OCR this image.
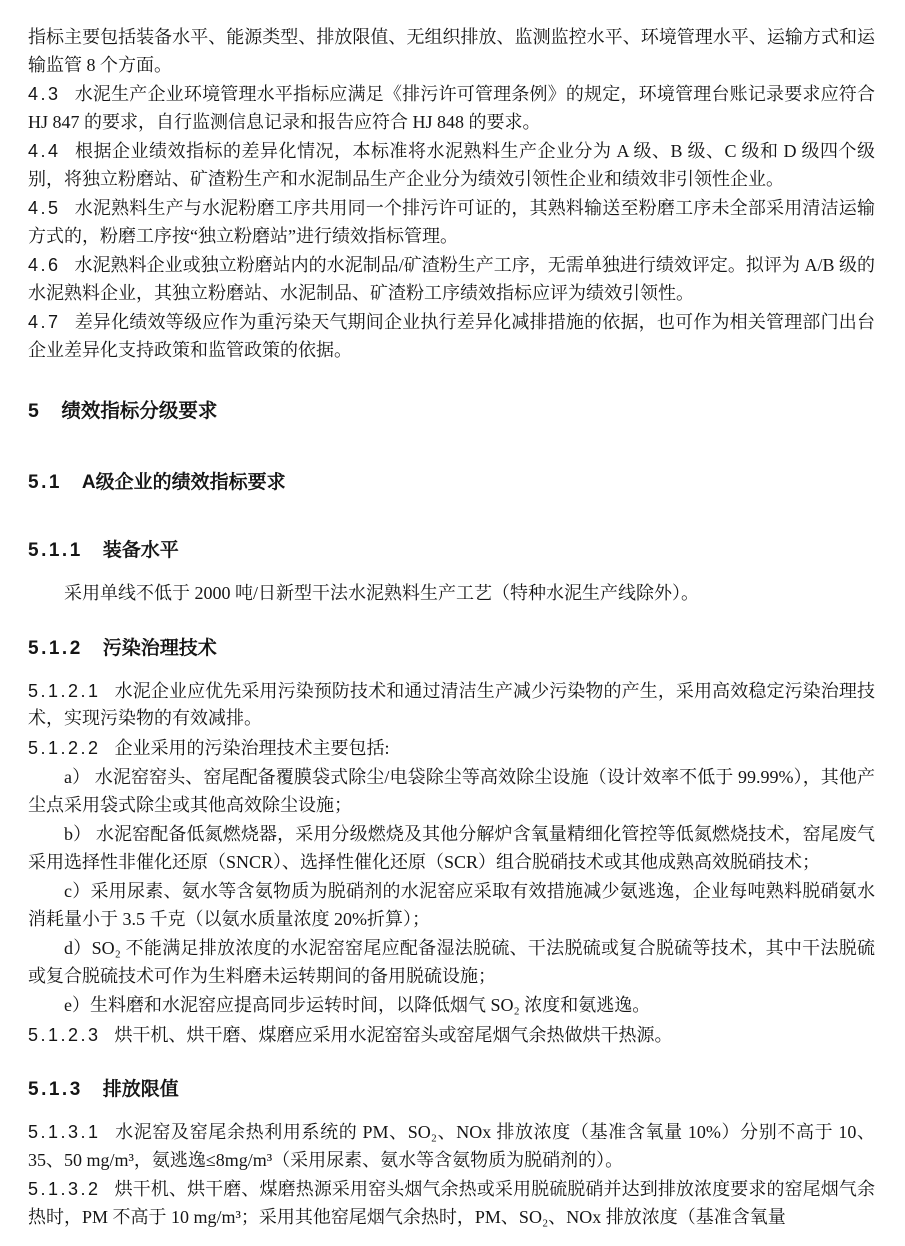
指标主要包括装备水平、能源类型、排放限值、无组织排放、监测监控水平、环境管理水平、运输方式和运输监管 8 个方面。

4.3 水泥生产企业环境管理水平指标应满足《排污许可管理条例》的规定，环境管理台账记录要求应符合 HJ 847 的要求，自行监测信息记录和报告应符合 HJ 848 的要求。

4.4 根据企业绩效指标的差异化情况，本标准将水泥熟料生产企业分为 A 级、B 级、C 级和 D 级四个级别，将独立粉磨站、矿渣粉生产和水泥制品生产企业分为绩效引领性企业和绩效非引领性企业。

4.5 水泥熟料生产与水泥粉磨工序共用同一个排污许可证的，其熟料输送至粉磨工序未全部采用清洁运输方式的，粉磨工序按“独立粉磨站”进行绩效指标管理。

4.6 水泥熟料企业或独立粉磨站内的水泥制品/矿渣粉生产工序，无需单独进行绩效评定。拟评为 A/B 级的水泥熟料企业，其独立粉磨站、水泥制品、矿渣粉工序绩效指标应评为绩效引领性。

4.7 差异化绩效等级应作为重污染天气期间企业执行差异化减排措施的依据，也可作为相关管理部门出台企业差异化支持政策和监管政策的依据。

5 绩效指标分级要求
5.1 A级企业的绩效指标要求
5.1.1 装备水平

采用单线不低于 2000 吨/日新型干法水泥熟料生产工艺（特种水泥生产线除外）。

5.1.2 污染治理技术

5.1.2.1 水泥企业应优先采用污染预防技术和通过清洁生产减少污染物的产生，采用高效稳定污染治理技术，实现污染物的有效减排。

5.1.2.2 企业采用的污染治理技术主要包括:

a） 水泥窑窑头、窑尾配备覆膜袋式除尘/电袋除尘等高效除尘设施（设计效率不低于 99.99%），其他产尘点采用袋式除尘或其他高效除尘设施；

b） 水泥窑配备低氮燃烧器，采用分级燃烧及其他分解炉含氧量精细化管控等低氮燃烧技术，窑尾废气采用选择性非催化还原（SNCR）、选择性催化还原（SCR）组合脱硝技术或其他成熟高效脱硝技术；

c）采用尿素、氨水等含氨物质为脱硝剂的水泥窑应采取有效措施减少氨逃逸，企业每吨熟料脱硝氨水消耗量小于 3.5 千克（以氨水质量浓度 20%折算）；

d）SO₂ 不能满足排放浓度的水泥窑窑尾应配备湿法脱硫、干法脱硫或复合脱硫等技术，其中干法脱硫或复合脱硫技术可作为生料磨未运转期间的备用脱硫设施；

e）生料磨和水泥窑应提高同步运转时间，以降低烟气 SO₂ 浓度和氨逃逸。

5.1.2.3 烘干机、烘干磨、煤磨应采用水泥窑窑头或窑尾烟气余热做烘干热源。

5.1.3 排放限值

5.1.3.1 水泥窑及窑尾余热利用系统的 PM、SO₂、NOx 排放浓度（基准含氧量 10%）分别不高于 10、35、50 mg/m³，氨逃逸≤8mg/m³（采用尿素、氨水等含氨物质为脱硝剂的）。

5.1.3.2 烘干机、烘干磨、煤磨热源采用窑头烟气余热或采用脱硫脱硝并达到排放浓度要求的窑尾烟气余热时，PM 不高于 10 mg/m³；采用其他窑尾烟气余热时，PM、SO₂、NOx 排放浓度（基准含氧量
